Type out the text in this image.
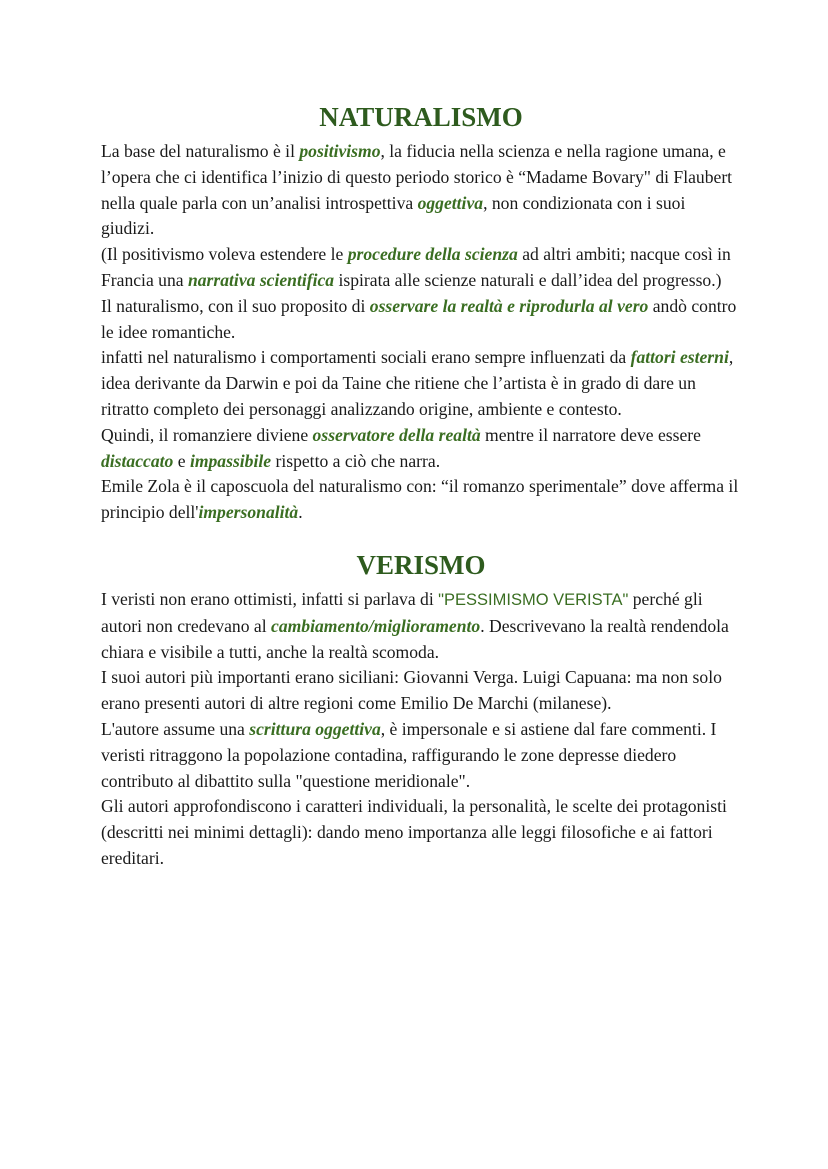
NATURALISMO

La base del naturalismo è il positivismo, la fiducia nella scienza e nella ragione umana, e l’opera che ci identifica l’inizio di questo periodo storico è “Madame Bovary" di Flaubert nella quale parla con un’analisi introspettiva oggettiva, non condizionata con i suoi giudizi.

(Il positivismo voleva estendere le procedure della scienza ad altri ambiti; nacque così in Francia una narrativa scientifica ispirata alle scienze naturali e dall’idea del progresso.)

Il naturalismo, con il suo proposito di osservare la realtà e riprodurla al vero andò contro le idee romantiche.

infatti nel naturalismo i comportamenti sociali erano sempre influenzati da fattori esterni, idea derivante da Darwin e poi da Taine che ritiene che l’artista è in grado di dare un ritratto completo dei personaggi analizzando origine, ambiente e contesto.

Quindi, il romanziere diviene osservatore della realtà mentre il narratore deve essere distaccato e impassibile rispetto a ciò che narra.

Emile Zola è il caposcuola del naturalismo con: “il romanzo sperimentale” dove afferma il principio dell'impersonalità.

VERISMO

I veristi non erano ottimisti, infatti si parlava di "PESSIMISMO VERISTA" perché gli autori non credevano al cambiamento/miglioramento. Descrivevano la realtà rendendola chiara e visibile a tutti, anche la realtà scomoda.

I suoi autori più importanti erano siciliani: Giovanni Verga. Luigi Capuana: ma non solo erano presenti autori di altre regioni come Emilio De Marchi (milanese).

L'autore assume una scrittura oggettiva, è impersonale e si astiene dal fare commenti. I veristi ritraggono la popolazione contadina, raffigurando le zone depresse diedero contributo al dibattito sulla "questione meridionale".

Gli autori approfondiscono i caratteri individuali, la personalità, le scelte dei protagonisti (descritti nei minimi dettagli): dando meno importanza alle leggi filosofiche e ai fattori ereditari.
